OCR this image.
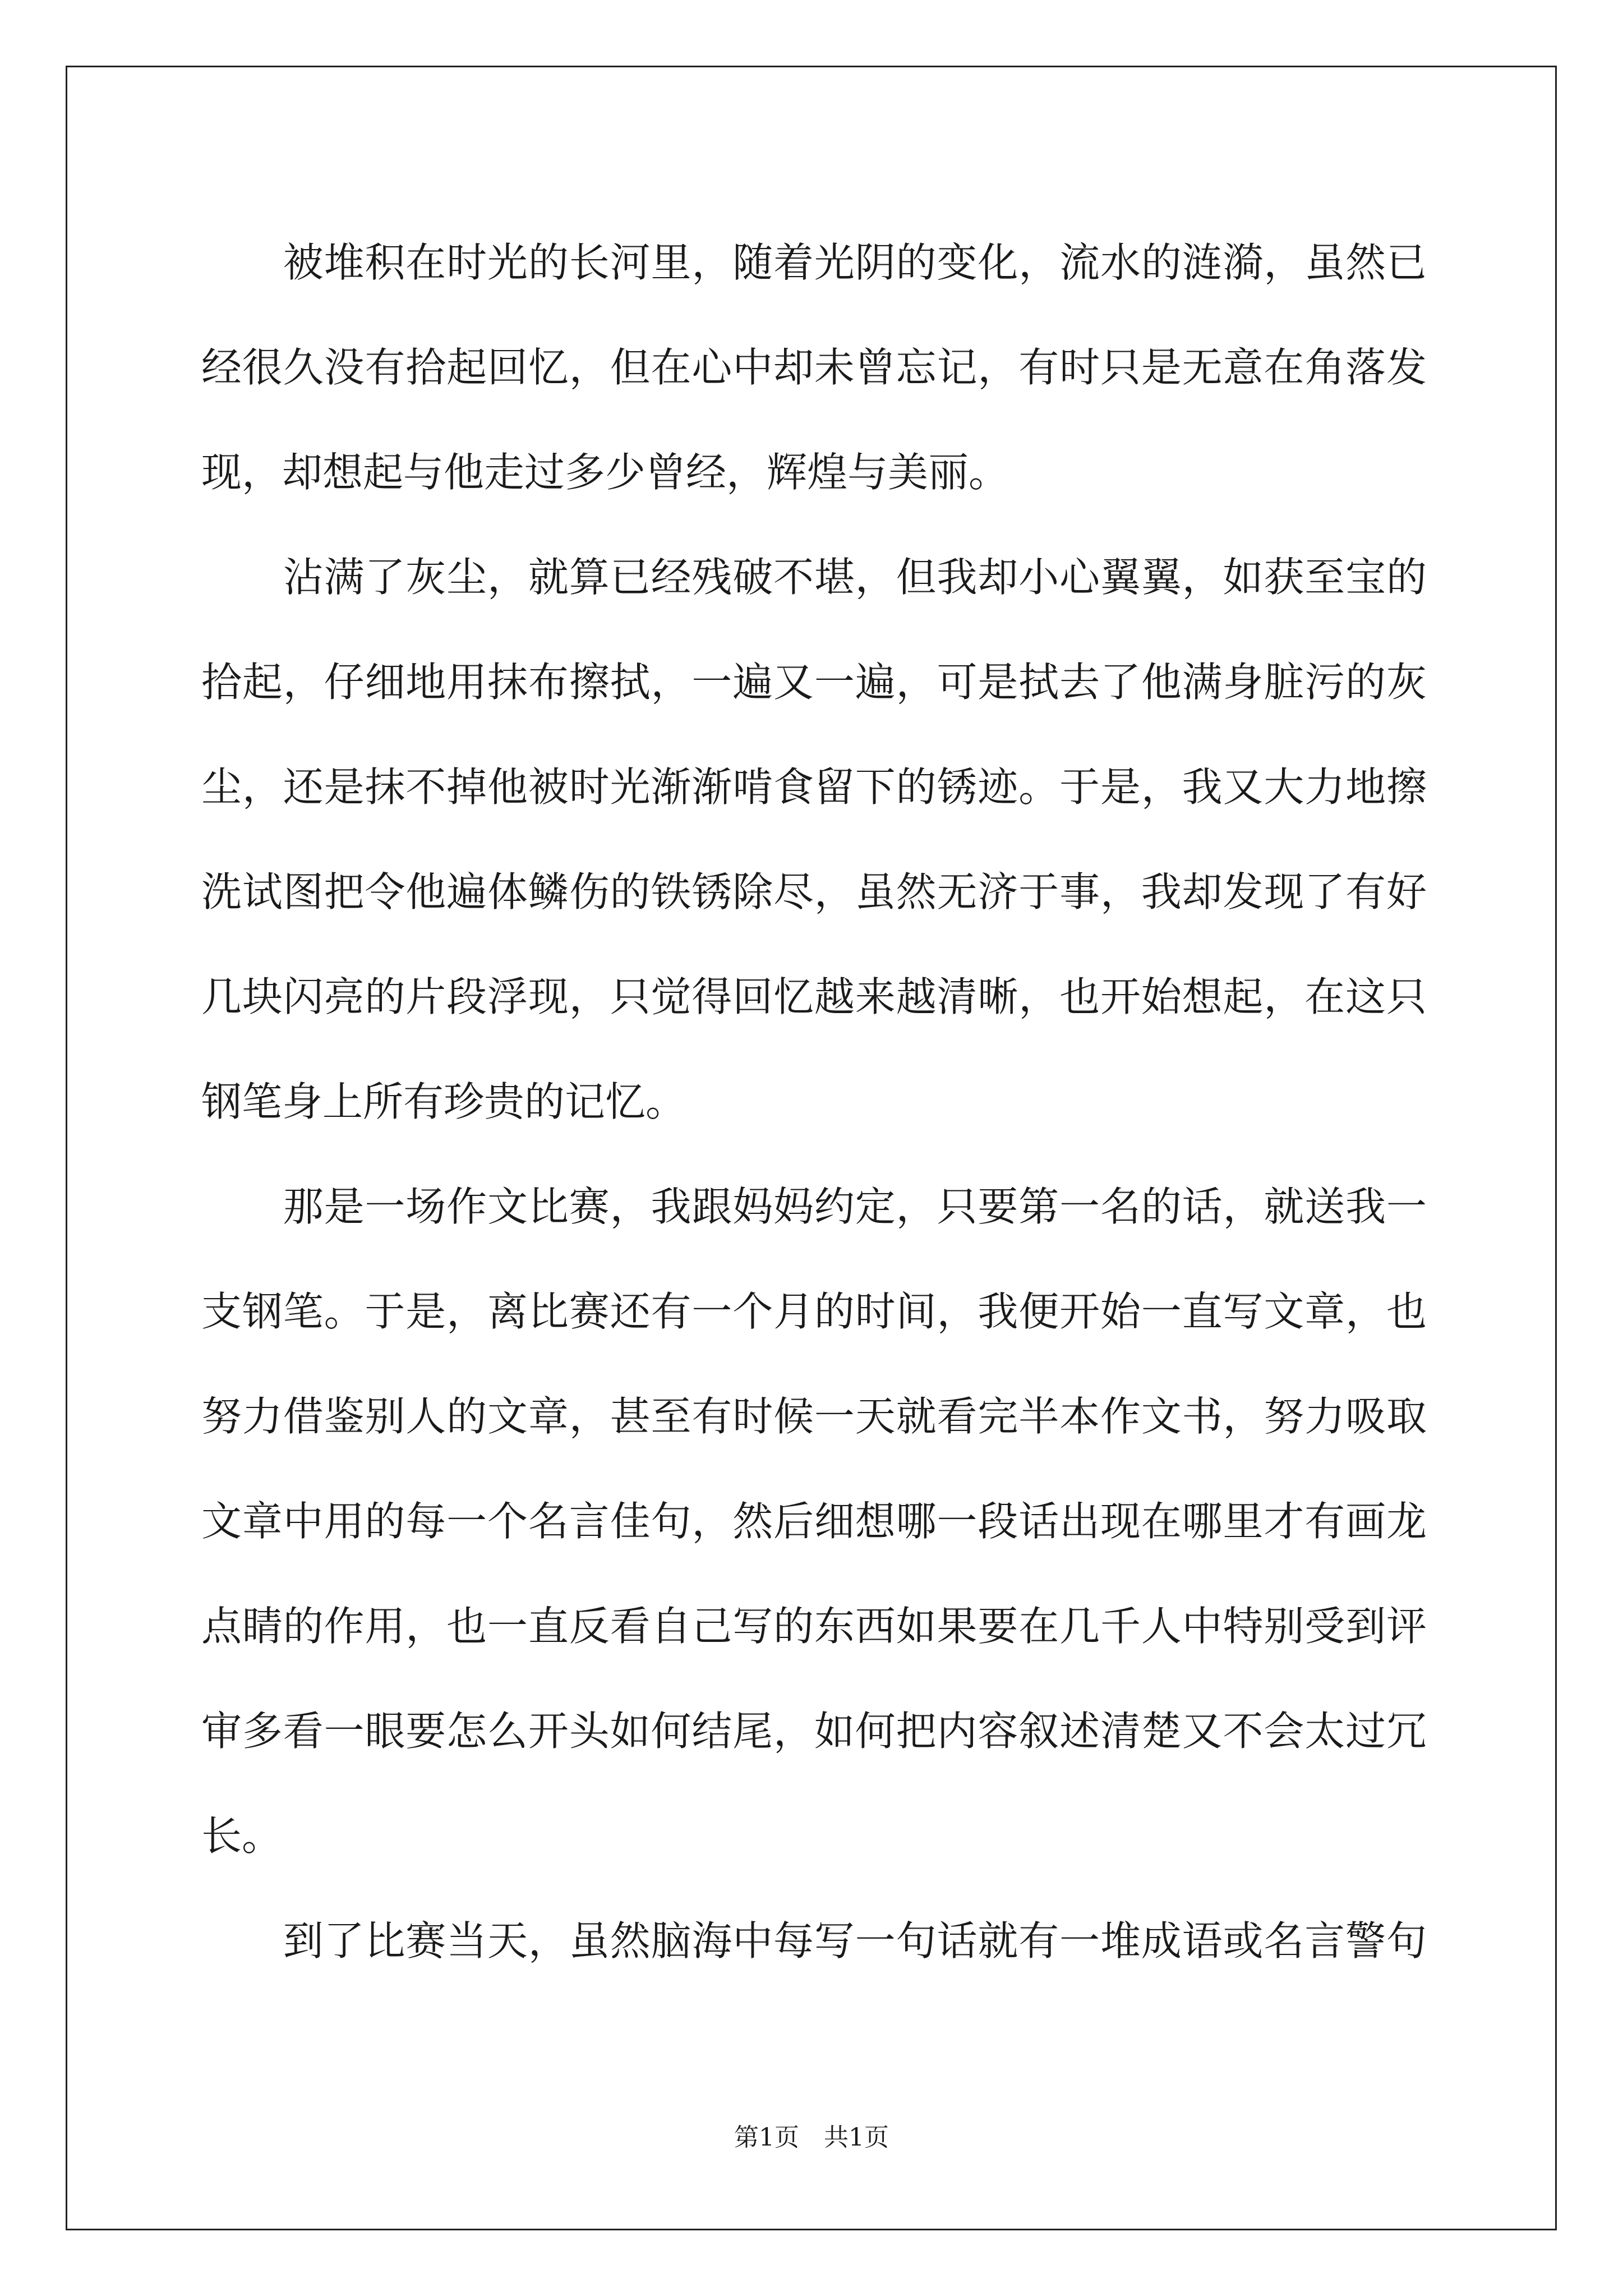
　　被堆积在时光的长河里，随着光阴的变化，流水的涟漪，虽然已
经很久没有拾起回忆，但在心中却未曾忘记，有时只是无意在角落发
现，却想起与他走过多少曾经，辉煌与美丽。
　　沾满了灰尘，就算已经残破不堪，但我却小心翼翼，如获至宝的
拾起，仔细地用抹布擦拭，一遍又一遍，可是拭去了他满身脏污的灰
尘，还是抹不掉他被时光渐渐啃食留下的锈迹。于是，我又大力地擦
洗试图把令他遍体鳞伤的铁锈除尽，虽然无济于事，我却发现了有好
几块闪亮的片段浮现，只觉得回忆越来越清晰，也开始想起，在这只
钢笔身上所有珍贵的记忆。
　　那是一场作文比赛，我跟妈妈约定，只要第一名的话，就送我一
支钢笔。于是，离比赛还有一个月的时间，我便开始一直写文章，也
努力借鉴别人的文章，甚至有时候一天就看完半本作文书，努力吸取
文章中用的每一个名言佳句，然后细想哪一段话出现在哪里才有画龙
点睛的作用，也一直反看自己写的东西如果要在几千人中特别受到评
审多看一眼要怎么开头如何结尾，如何把内容叙述清楚又不会太过冗
长。
　　到了比赛当天，虽然脑海中每写一句话就有一堆成语或名言警句
第1页　共1页
